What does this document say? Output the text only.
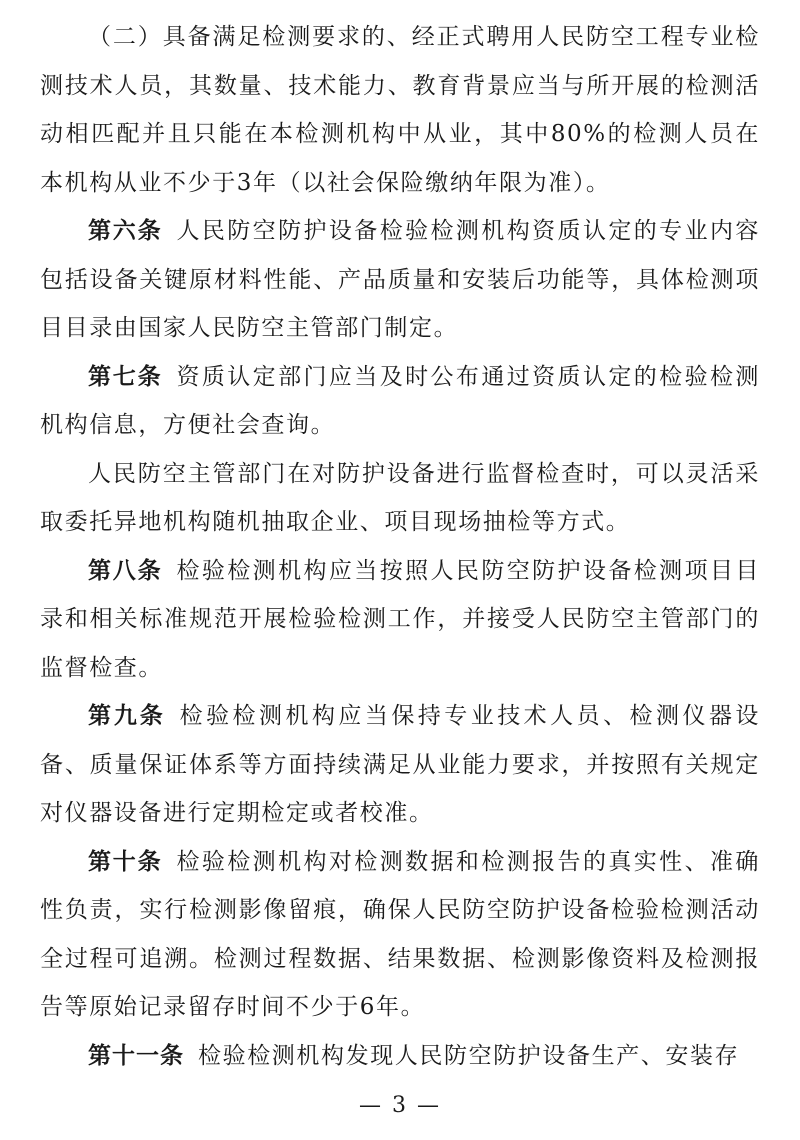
（二）具备满足检测要求的、经正式聘用人民防空工程专业检测技术人员，其数量、技术能力、教育背景应当与所开展的检测活动相匹配并且只能在本检测机构中从业，其中80%的检测人员在本机构从业不少于3年（以社会保险缴纳年限为准）。

第六条 人民防空防护设备检验检测机构资质认定的专业内容包括设备关键原材料性能、产品质量和安装后功能等，具体检测项目目录由国家人民防空主管部门制定。

第七条 资质认定部门应当及时公布通过资质认定的检验检测机构信息，方便社会查询。

人民防空主管部门在对防护设备进行监督检查时，可以灵活采取委托异地机构随机抽取企业、项目现场抽检等方式。

第八条 检验检测机构应当按照人民防空防护设备检测项目目录和相关标准规范开展检验检测工作，并接受人民防空主管部门的监督检查。

第九条 检验检测机构应当保持专业技术人员、检测仪器设备、质量保证体系等方面持续满足从业能力要求，并按照有关规定对仪器设备进行定期检定或者校准。

第十条 检验检测机构对检测数据和检测报告的真实性、准确性负责，实行检测影像留痕，确保人民防空防护设备检验检测活动全过程可追溯。检测过程数据、结果数据、检测影像资料及检测报告等原始记录留存时间不少于6年。

第十一条 检验检测机构发现人民防空防护设备生产、安装存

— 3 —
